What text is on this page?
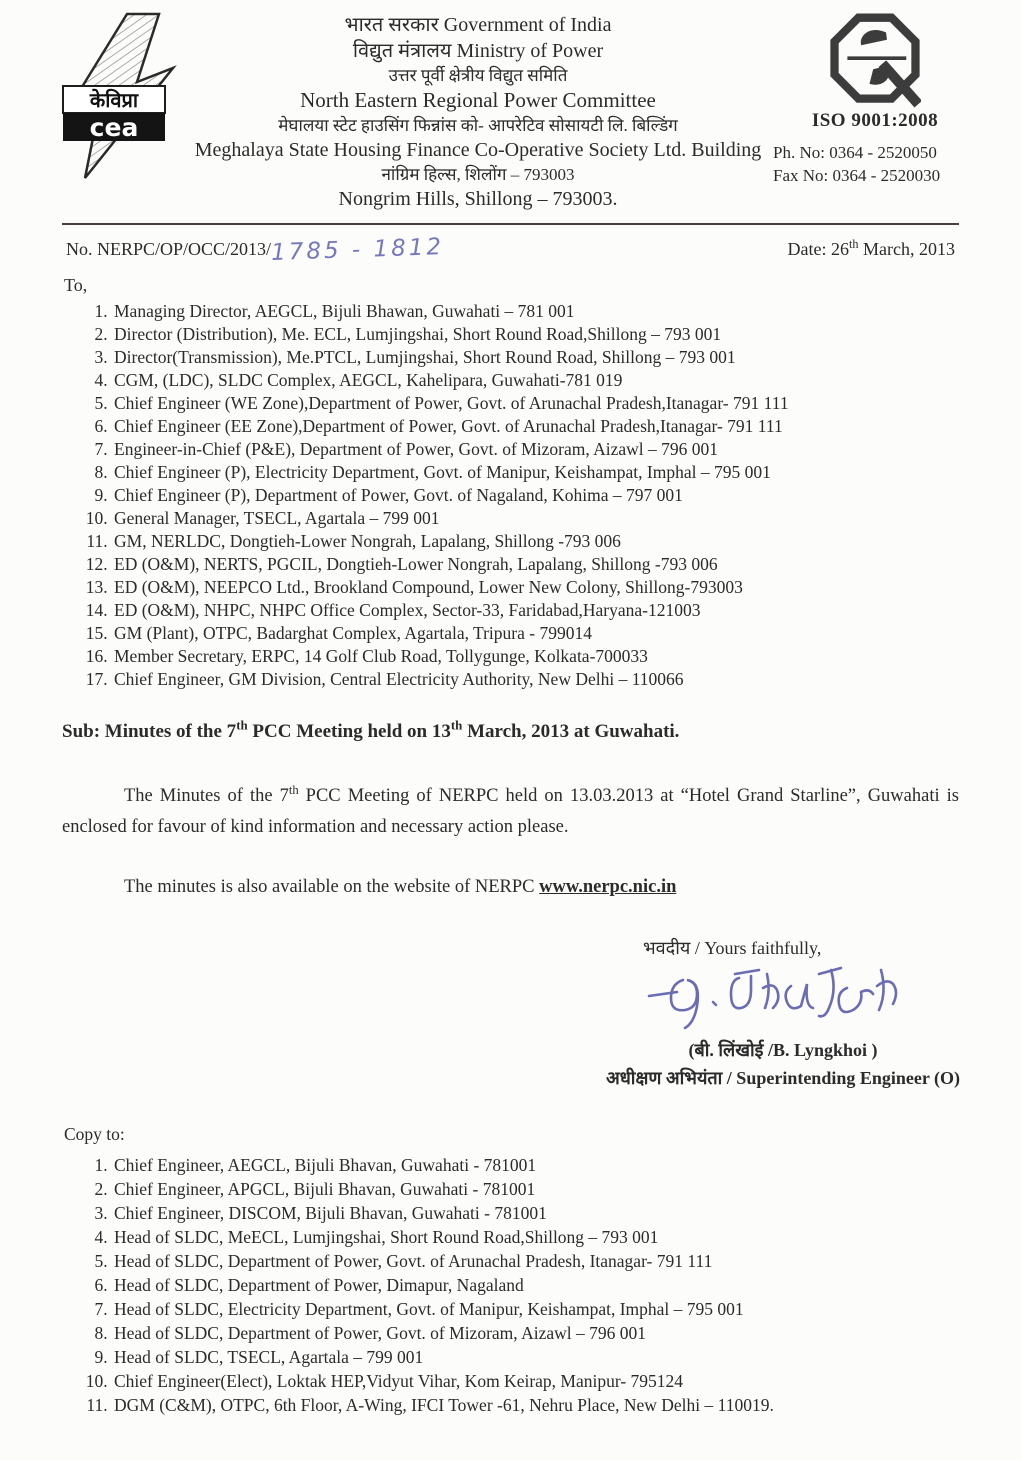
केविप्रा
cea
भारत सरकार Government of India
विद्युत मंत्रालय Ministry of Power
उत्तर पूर्वी क्षेत्रीय विद्युत समिति
North Eastern Regional Power Committee
मेघालया स्टेट हाउसिंग फिन्नांस को- आपरेटिव सोसायटी लि. बिल्डिंग
Meghalaya State Housing Finance Co-Operative Society Ltd. Building
नांग्रिम हिल्स, शिलोंग – 793003
Nongrim Hills, Shillong – 793003.
ISO 9001:2008
Ph. No: 0364 - 2520050
Fax No: 0364 - 2520030
No. NERPC/OP/OCC/2013/1785 - 1812	Date: 26th March, 2013
To,
1. Managing Director, AEGCL, Bijuli Bhawan, Guwahati – 781 001
2. Director (Distribution), Me. ECL, Lumjingshai, Short Round Road,Shillong – 793 001
3. Director(Transmission), Me.PTCL, Lumjingshai, Short Round Road, Shillong – 793 001
4. CGM, (LDC), SLDC Complex, AEGCL, Kahelipara, Guwahati-781 019
5. Chief Engineer (WE Zone),Department of Power, Govt. of Arunachal Pradesh,Itanagar- 791 111
6. Chief Engineer (EE Zone),Department of Power, Govt. of Arunachal Pradesh,Itanagar- 791 111
7. Engineer-in-Chief (P&E), Department of Power, Govt. of Mizoram, Aizawl – 796 001
8. Chief Engineer (P), Electricity Department, Govt. of Manipur, Keishampat, Imphal – 795 001
9. Chief Engineer (P), Department of Power, Govt. of Nagaland, Kohima – 797 001
10. General Manager, TSECL, Agartala – 799 001
11. GM, NERLDC, Dongtieh-Lower Nongrah, Lapalang, Shillong -793 006
12. ED (O&M), NERTS, PGCIL, Dongtieh-Lower Nongrah, Lapalang, Shillong -793 006
13. ED (O&M), NEEPCO Ltd., Brookland Compound, Lower New Colony, Shillong-793003
14. ED (O&M), NHPC, NHPC Office Complex, Sector-33, Faridabad,Haryana-121003
15. GM (Plant), OTPC, Badarghat Complex, Agartala, Tripura - 799014
16. Member Secretary, ERPC, 14 Golf Club Road, Tollygunge, Kolkata-700033
17. Chief Engineer, GM Division, Central Electricity Authority, New Delhi – 110066
Sub: Minutes of the 7th PCC Meeting held on 13th March, 2013 at Guwahati.

The Minutes of the 7th PCC Meeting of NERPC held on 13.03.2013 at “Hotel Grand Starline”, Guwahati is enclosed for favour of kind information and necessary action please.

The minutes is also available on the website of NERPC www.nerpc.nic.in

भवदीय / Yours faithfully,
(बी. लिंखोई /B. Lyngkhoi )
अधीक्षण अभियंता / Superintending Engineer (O)
Copy to:
1. Chief Engineer, AEGCL, Bijuli Bhavan, Guwahati - 781001
2. Chief Engineer, APGCL, Bijuli Bhavan, Guwahati - 781001
3. Chief Engineer, DISCOM, Bijuli Bhavan, Guwahati - 781001
4. Head of SLDC, MeECL, Lumjingshai, Short Round Road,Shillong – 793 001
5. Head of SLDC, Department of Power, Govt. of Arunachal Pradesh, Itanagar- 791 111
6. Head of SLDC, Department of Power, Dimapur, Nagaland
7. Head of SLDC, Electricity Department, Govt. of Manipur, Keishampat, Imphal – 795 001
8. Head of SLDC, Department of Power, Govt. of Mizoram, Aizawl – 796 001
9. Head of SLDC, TSECL, Agartala – 799 001
10. Chief Engineer(Elect), Loktak HEP,Vidyut Vihar, Kom Keirap, Manipur- 795124
11. DGM (C&M), OTPC, 6th Floor, A-Wing, IFCI Tower -61, Nehru Place, New Delhi – 110019.
